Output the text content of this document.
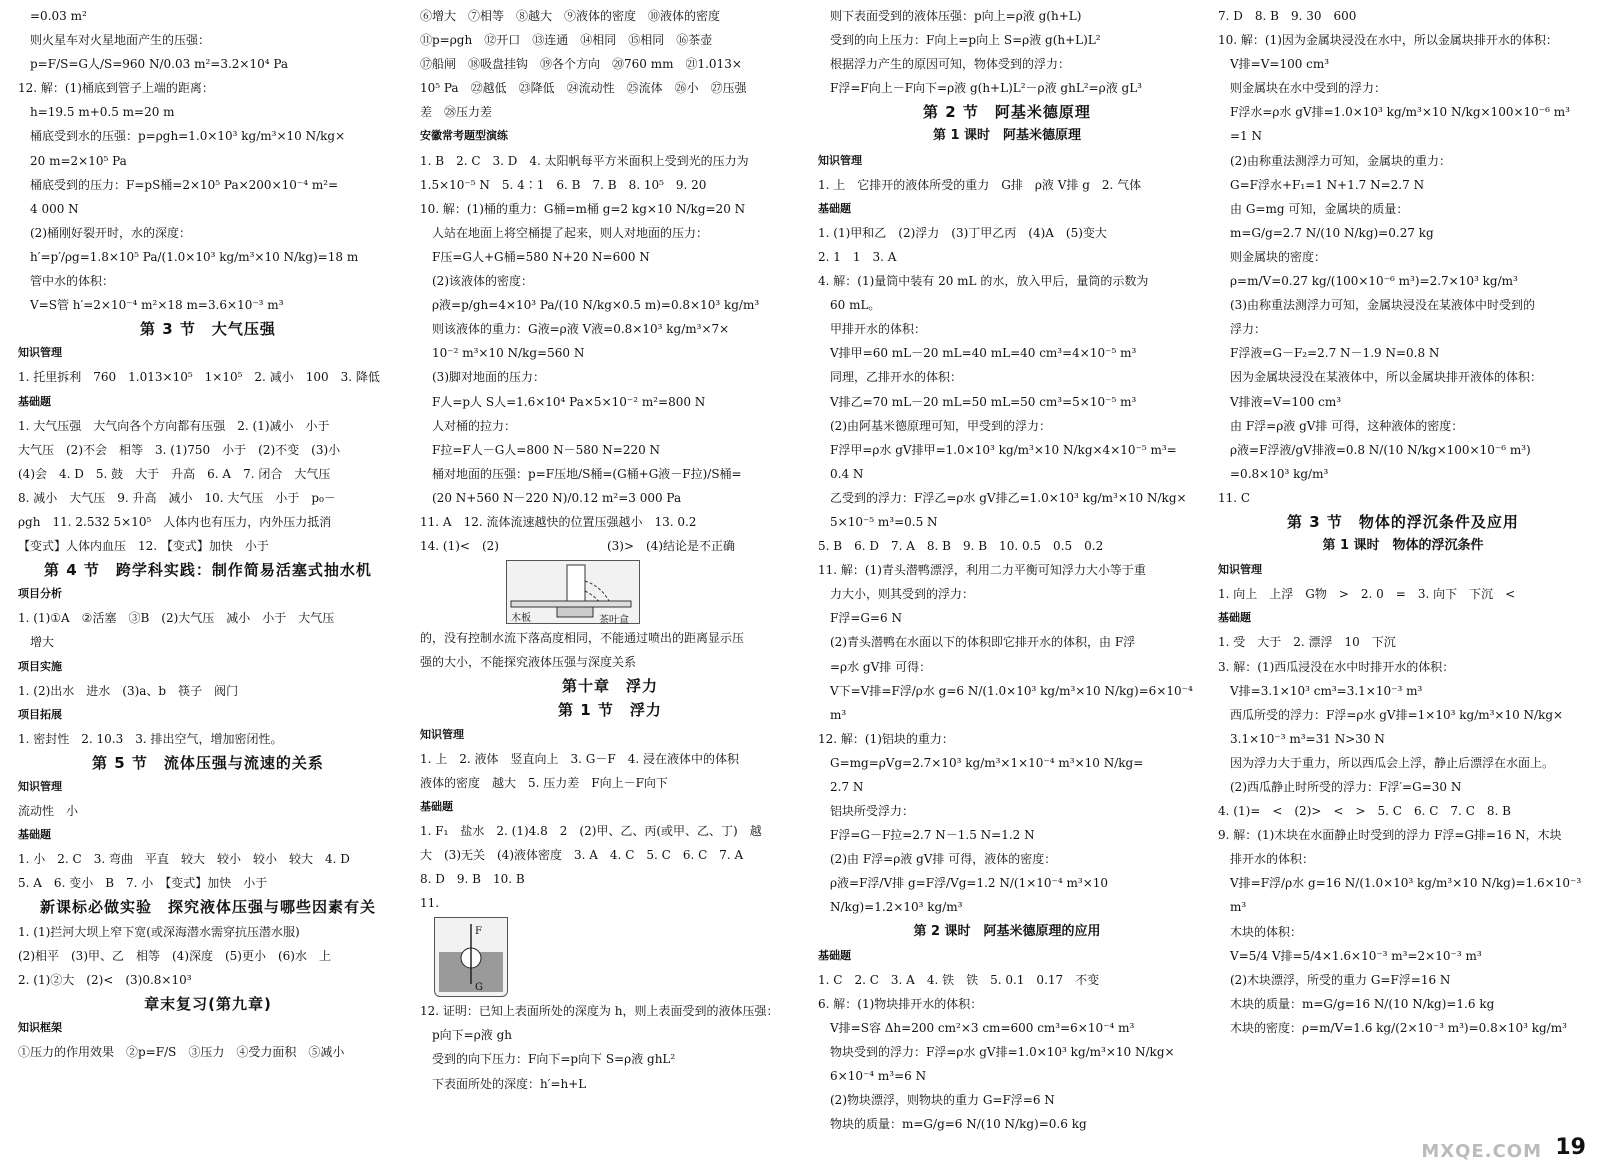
=0.03 m²
则火星车对火星地面产生的压强：
p=F/S=G人/S=960 N/0.03 m²=3.2×10⁴ Pa
12. 解：(1)桶底到管子上端的距离：
h=19.5 m+0.5 m=20 m
桶底受到水的压强：p=ρgh=1.0×10³ kg/m³×10 N/kg×
20 m=2×10⁵ Pa
桶底受到的压力：F=pS桶=2×10⁵ Pa×200×10⁻⁴ m²=
4 000 N
(2)桶刚好裂开时，水的深度：
h′=p′/ρg=1.8×10⁵ Pa/(1.0×10³ kg/m³×10 N/kg)=18 m
管中水的体积：
V=S管 h′=2×10⁻⁴ m²×18 m=3.6×10⁻³ m³
第 3 节　大气压强
知识管理
1. 托里拆利　760　1.013×10⁵　1×10⁵　2. 减小　100　3. 降低
基础题
1. 大气压强　大气向各个方向都有压强　2. (1)减小　小于
大气压　(2)不会　相等　3. (1)750　小于　(2)不变　(3)小
(4)会　4. D　5. 鼓　大于　升高　6. A　7. 闭合　大气压
8. 减小　大气压　9. 升高　减小　10. 大气压　小于　p₀－
ρgh　11. 2.532 5×10⁵　人体内也有压力，内外压力抵消
【变式】人体内血压　12. 【变式】加快　小于
第 4 节　跨学科实践：制作简易活塞式抽水机
项目分析
1. (1)①A　②活塞　③B　(2)大气压　减小　小于　大气压
增大
项目实施
1. (2)出水　进水　(3)a、b　筷子　阀门
项目拓展
1. 密封性　2. 10.3　3. 排出空气，增加密闭性。
第 5 节　流体压强与流速的关系
知识管理
流动性　小
基础题
1. 小　2. C　3. 弯曲　平直　较大　较小　较小　较大　4. D
5. A　6. 变小　B　7. 小　【变式】加快　小于
新课标必做实验　探究液体压强与哪些因素有关
1. (1)拦河大坝上窄下宽(或深海潜水需穿抗压潜水服)
(2)相平　(3)甲、乙　相等　(4)深度　(5)更小　(6)水　上
2. (1)②大　(2)<　(3)0.8×10³
章末复习(第九章)
知识框架
①压力的作用效果　②p=F/S　③压力　④受力面积　⑤减小
⑥增大　⑦相等　⑧越大　⑨液体的密度　⑩液体的密度
⑪p=ρgh　⑫开口　⑬连通　⑭相同　⑮相同　⑯茶壶
⑰船闸　⑱吸盘挂钩　⑲各个方向　⑳760 mm　㉑1.013×
10⁵ Pa　㉒越低　㉓降低　㉔流动性　㉕流体　㉖小　㉗压强
差　㉘压力差
安徽常考题型演练
1. B　2. C　3. D　4. 太阳帆每平方米面积上受到光的压力为
1.5×10⁻⁵ N　5. 4∶1　6. B　7. B　8. 10⁵　9. 20
10. 解：(1)桶的重力：G桶=m桶 g=2 kg×10 N/kg=20 N
人站在地面上将空桶提了起来，则人对地面的压力：
F压=G人+G桶=580 N+20 N=600 N
(2)该液体的密度：
ρ液=p/gh=4×10³ Pa/(10 N/kg×0.5 m)=0.8×10³ kg/m³
则该液体的重力：G液=ρ液 V液=0.8×10³ kg/m³×7×
10⁻² m³×10 N/kg=560 N
(3)脚对地面的压力：
F人=p人 S人=1.6×10⁴ Pa×5×10⁻² m²=800 N
人对桶的拉力：
F拉=F人－G人=800 N－580 N=220 N
桶对地面的压强：p=F压地/S桶=(G桶+G液－F拉)/S桶=
(20 N+560 N－220 N)/0.12 m²=3 000 Pa
11. A　12. 流体流速越快的位置压强越小　13. 0.2
14. (1)<　(2)　　　　　　　　　(3)>　(4)结论是不正确
木板	茶叶盒
的，没有控制水流下落高度相同，不能通过喷出的距离显示压
强的大小，不能探究液体压强与深度关系
第十章　浮力
第 1 节　浮力
知识管理
1. 上　2. 液体　竖直向上　3. G－F　4. 浸在液体中的体积
液体的密度　越大　5. 压力差　F向上－F向下
基础题
1. F₁　盐水　2. (1)4.8　2　(2)甲、乙、丙(或甲、乙、丁)　越
大　(3)无关　(4)液体密度　3. A　4. C　5. C　6. C　7. A
8. D　9. B　10. B
11.
F
G
12. 证明：已知上表面所处的深度为 h，则上表面受到的液体压强：
p向下=ρ液 gh
受到的向下压力：F向下=p向下 S=ρ液 ghL²
下表面所处的深度：h′=h+L
则下表面受到的液体压强：p向上=ρ液 g(h+L)
受到的向上压力：F向上=p向上 S=ρ液 g(h+L)L²
根据浮力产生的原因可知，物体受到的浮力：
F浮=F向上－F向下=ρ液 g(h+L)L²－ρ液 ghL²=ρ液 gL³
第 2 节　阿基米德原理
第 1 课时　阿基米德原理
知识管理
1. 上　它排开的液体所受的重力　G排　ρ液 V排 g　2. 气体
基础题
1. (1)甲和乙　(2)浮力　(3)丁甲乙丙　(4)A　(5)变大
2. 1　1　3. A
4. 解：(1)量筒中装有 20 mL 的水，放入甲后，量筒的示数为
60 mL。
甲排开水的体积：
V排甲=60 mL－20 mL=40 mL=40 cm³=4×10⁻⁵ m³
同理，乙排开水的体积：
V排乙=70 mL－20 mL=50 mL=50 cm³=5×10⁻⁵ m³
(2)由阿基米德原理可知，甲受到的浮力：
F浮甲=ρ水 gV排甲=1.0×10³ kg/m³×10 N/kg×4×10⁻⁵ m³=
0.4 N
乙受到的浮力：F浮乙=ρ水 gV排乙=1.0×10³ kg/m³×10 N/kg×
5×10⁻⁵ m³=0.5 N
5. B　6. D　7. A　8. B　9. B　10. 0.5　0.5　0.2
11. 解：(1)青头潜鸭漂浮，利用二力平衡可知浮力大小等于重
力大小，则其受到的浮力：
F浮=G=6 N
(2)青头潜鸭在水面以下的体积即它排开水的体积，由 F浮
=ρ水 gV排 可得：
V下=V排=F浮/ρ水 g=6 N/(1.0×10³ kg/m³×10 N/kg)=6×10⁻⁴ m³
12. 解：(1)铝块的重力：
G=mg=ρVg=2.7×10³ kg/m³×1×10⁻⁴ m³×10 N/kg=
2.7 N
铝块所受浮力：
F浮=G－F拉=2.7 N－1.5 N=1.2 N
(2)由 F浮=ρ液 gV排 可得，液体的密度：
ρ液=F浮/V排 g=F浮/Vg=1.2 N/(1×10⁻⁴ m³×10 N/kg)=1.2×10³ kg/m³
第 2 课时　阿基米德原理的应用
基础题
1. C　2. C　3. A　4. 铁　铁　5. 0.1　0.17　不变
6. 解：(1)物块排开水的体积：
V排=S容 Δh=200 cm²×3 cm=600 cm³=6×10⁻⁴ m³
物块受到的浮力：F浮=ρ水 gV排=1.0×10³ kg/m³×10 N/kg×
6×10⁻⁴ m³=6 N
(2)物块漂浮，则物块的重力 G=F浮=6 N
物块的质量：m=G/g=6 N/(10 N/kg)=0.6 kg
7. D　8. B　9. 30　600
10. 解：(1)因为金属块浸没在水中，所以金属块排开水的体积：
V排=V=100 cm³
则金属块在水中受到的浮力：
F浮水=ρ水 gV排=1.0×10³ kg/m³×10 N/kg×100×10⁻⁶ m³
=1 N
(2)由称重法测浮力可知，金属块的重力：
G=F浮水+F₁=1 N+1.7 N=2.7 N
由 G=mg 可知，金属块的质量：
m=G/g=2.7 N/(10 N/kg)=0.27 kg
则金属块的密度：
ρ=m/V=0.27 kg/(100×10⁻⁶ m³)=2.7×10³ kg/m³
(3)由称重法测浮力可知，金属块浸没在某液体中时受到的
浮力：
F浮液=G－F₂=2.7 N－1.9 N=0.8 N
因为金属块浸没在某液体中，所以金属块排开液体的体积：
V排液=V=100 cm³
由 F浮=ρ液 gV排 可得，这种液体的密度：
ρ液=F浮液/gV排液=0.8 N/(10 N/kg×100×10⁻⁶ m³)
=0.8×10³ kg/m³
11. C
第 3 节　物体的浮沉条件及应用
第 1 课时　物体的浮沉条件
知识管理
1. 向上　上浮　G物　>　2. 0　=　3. 向下　下沉　<
基础题
1. 受　大于　2. 漂浮　10　下沉
3. 解：(1)西瓜浸没在水中时排开水的体积：
V排=3.1×10³ cm³=3.1×10⁻³ m³
西瓜所受的浮力：F浮=ρ水 gV排=1×10³ kg/m³×10 N/kg×
3.1×10⁻³ m³=31 N>30 N
因为浮力大于重力，所以西瓜会上浮，静止后漂浮在水面上。
(2)西瓜静止时所受的浮力：F浮′=G=30 N
4. (1)=　<　(2)>　<　>　5. C　6. C　7. C　8. B
9. 解：(1)木块在水面静止时受到的浮力 F浮=G排=16 N，木块
排开水的体积：
V排=F浮/ρ水 g=16 N/(1.0×10³ kg/m³×10 N/kg)=1.6×10⁻³ m³
木块的体积：
V=5/4 V排=5/4×1.6×10⁻³ m³=2×10⁻³ m³
(2)木块漂浮，所受的重力 G=F浮=16 N
木块的质量：m=G/g=16 N/(10 N/kg)=1.6 kg
木块的密度：ρ=m/V=1.6 kg/(2×10⁻³ m³)=0.8×10³ kg/m³
MXQE.COM 19
